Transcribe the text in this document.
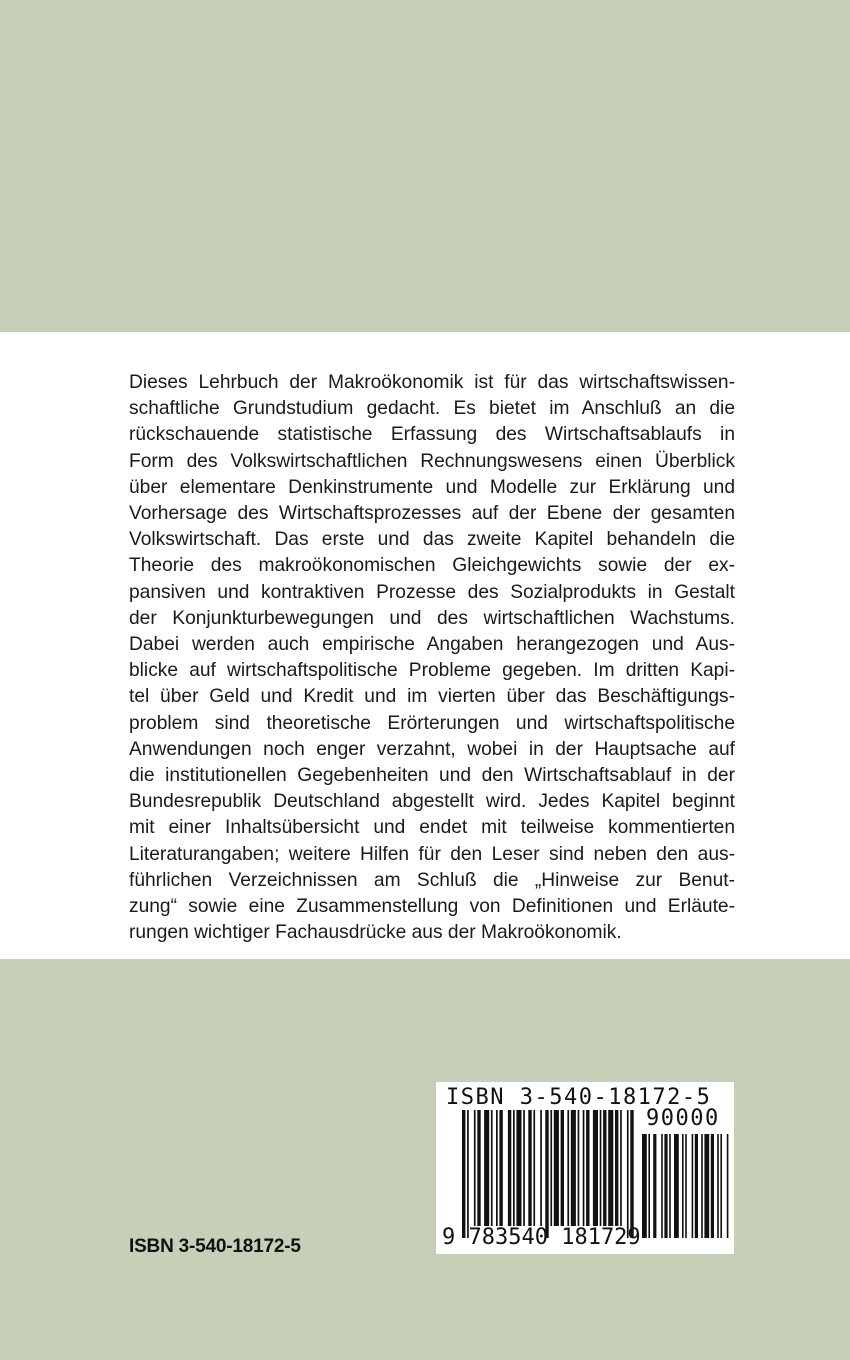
Dieses Lehrbuch der Makroökonomik ist für das wirtschaftswissen-
schaftliche Grundstudium gedacht. Es bietet im Anschluß an die
rückschauende statistische Erfassung des Wirtschaftsablaufs in
Form des Volkswirtschaftlichen Rechnungswesens einen Überblick
über elementare Denkinstrumente und Modelle zur Erklärung und
Vorhersage des Wirtschaftsprozesses auf der Ebene der gesamten
Volkswirtschaft. Das erste und das zweite Kapitel behandeln die
Theorie des makroökonomischen Gleichgewichts sowie der ex-
pansiven und kontraktiven Prozesse des Sozialprodukts in Gestalt
der Konjunkturbewegungen und des wirtschaftlichen Wachstums.
Dabei werden auch empirische Angaben herangezogen und Aus-
blicke auf wirtschaftspolitische Probleme gegeben. Im dritten Kapi-
tel über Geld und Kredit und im vierten über das Beschäftigungs-
problem sind theoretische Erörterungen und wirtschaftspolitische
Anwendungen noch enger verzahnt, wobei in der Hauptsache auf
die institutionellen Gegebenheiten und den Wirtschaftsablauf in der
Bundesrepublik Deutschland abgestellt wird. Jedes Kapitel beginnt
mit einer Inhaltsübersicht und endet mit teilweise kommentierten
Literaturangaben; weitere Hilfen für den Leser sind neben den aus-
führlichen Verzeichnissen am Schluß die „Hinweise zur Benut-
zung“ sowie eine Zusammenstellung von Definitionen und Erläute-
rungen wichtiger Fachausdrücke aus der Makroökonomik.

ISBN 3-540-18172-5
ISBN 3-540-18172-5
90000
9 783540 181729
